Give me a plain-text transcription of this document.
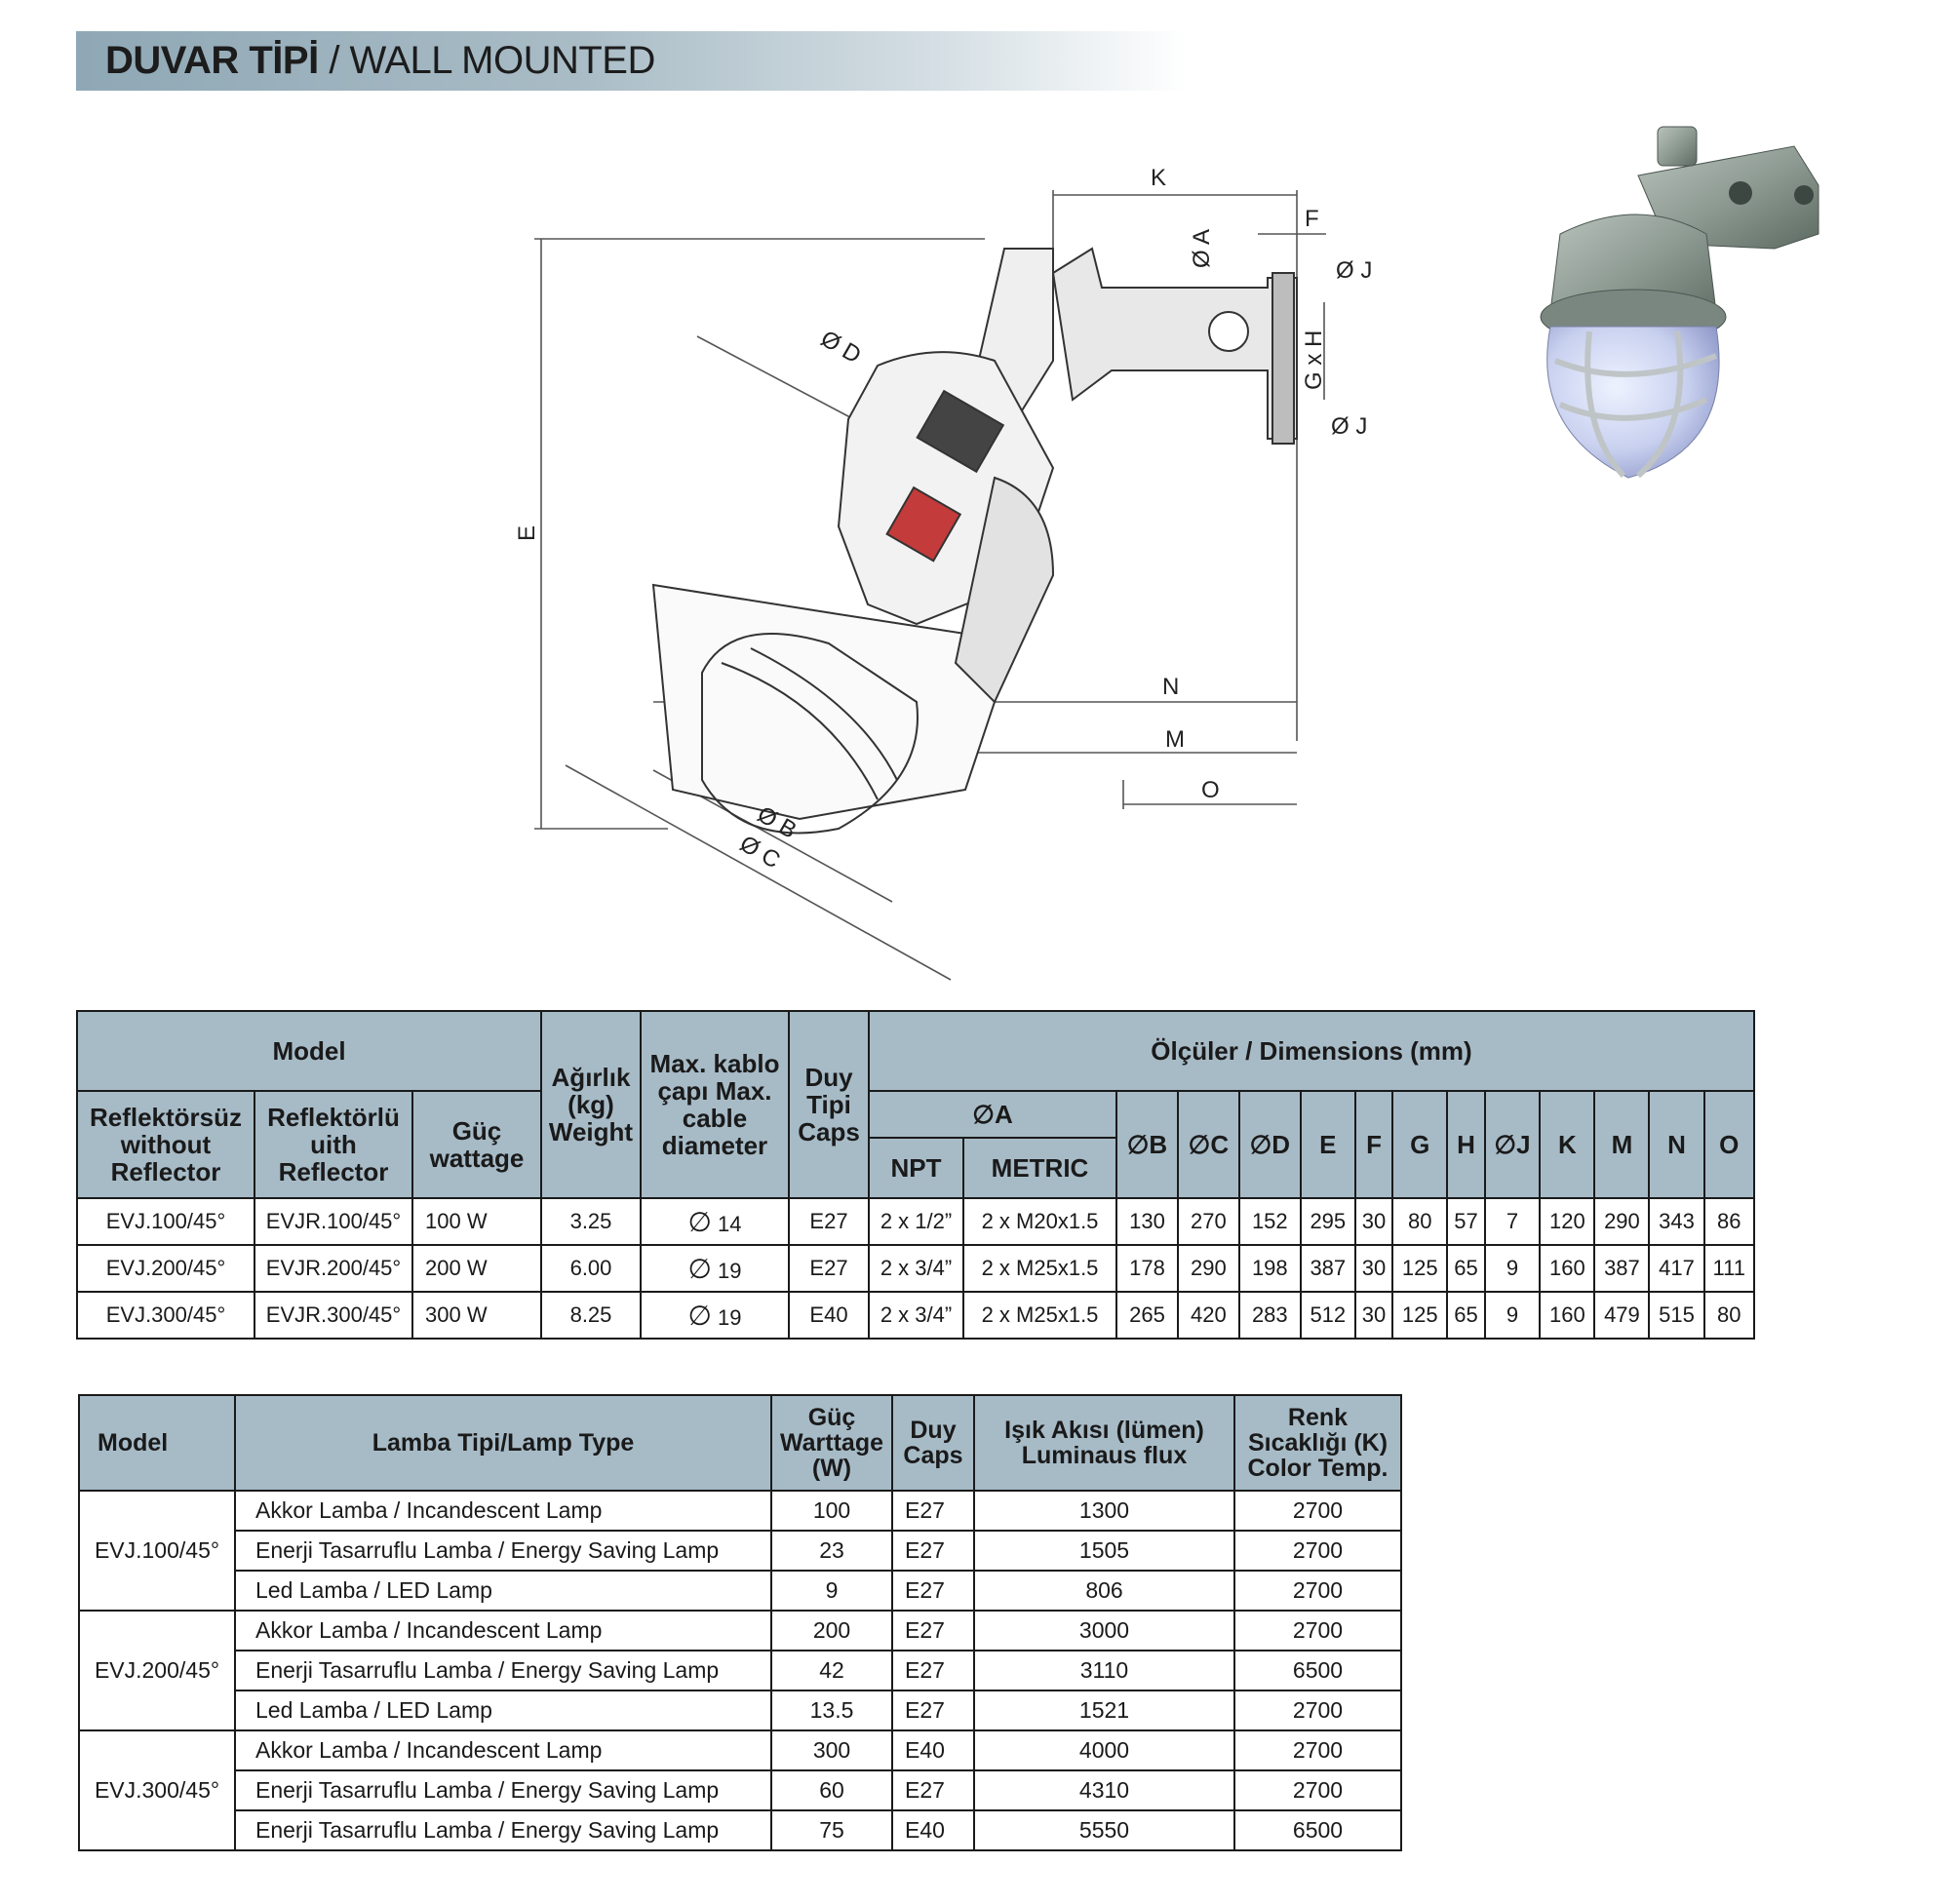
DUVAR TİPİ / WALL MOUNTED
K
F
Ø A
Ø J
G x H
Ø J
Ø D
E
N
M
O
Ø B
Ø C
Model			Ağırlık (kg) Weight	Max. kablo çapı Max. cable diameter	Duy Tipi Caps	Ölçüler / Dimensions (mm)													
Reflektörsüz without Reflector	Reflektörlü uith Reflector	Güç wattage				∅A		∅B	∅C	∅D	E	F	G	H	∅J	K	M	N	O
						NPT	METRIC												
EVJ.100/45°	EVJR.100/45°	100 W	3.25	∅ 14	E27	2 x 1/2”	2 x M20x1.5	130	270	152	295	30	80	57	7	120	290	343	86
EVJ.200/45°	EVJR.200/45°	200 W	6.00	∅ 19	E27	2 x 3/4”	2 x M25x1.5	178	290	198	387	30	125	65	9	160	387	417	111
EVJ.300/45°	EVJR.300/45°	300 W	8.25	∅ 19	E40	2 x 3/4”	2 x M25x1.5	265	420	283	512	30	125	65	9	160	479	515	80
Model	Lamba Tipi/Lamp Type	Güç Warttage (W)	Duy Caps	Işık Akısı (lümen) Luminaus flux	Renk Sıcaklığı (K) Color Temp.
EVJ.100/45°	Akkor Lamba / Incandescent Lamp	100	E27	1300	2700
	Enerji Tasarruflu Lamba / Energy Saving Lamp	23	E27	1505	2700
	Led Lamba / LED Lamp	9	E27	806	2700
EVJ.200/45°	Akkor Lamba / Incandescent Lamp	200	E27	3000	2700
	Enerji Tasarruflu Lamba / Energy Saving Lamp	42	E27	3110	6500
	Led Lamba / LED Lamp	13.5	E27	1521	2700
EVJ.300/45°	Akkor Lamba / Incandescent Lamp	300	E40	4000	2700
	Enerji Tasarruflu Lamba / Energy Saving Lamp	60	E27	4310	2700
	Enerji Tasarruflu Lamba / Energy Saving Lamp	75	E40	5550	6500
